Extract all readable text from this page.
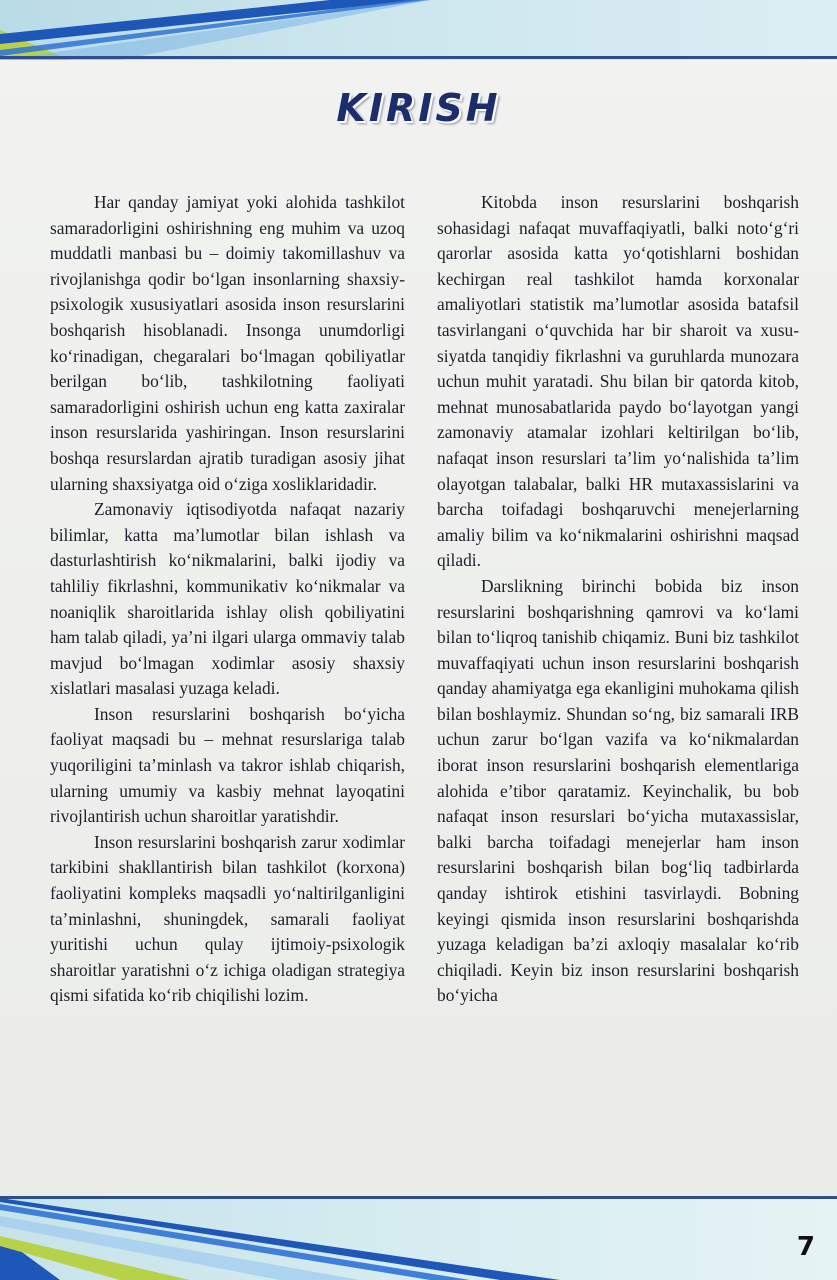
KIRISH

Har qanday jamiyat yoki alohida tashkilot samaradorligini oshirishning eng muhim va uzoq muddatli manbasi bu – doimiy takomillashuv va rivojlanishga qodir bo‘lgan insonlarning shaxsiy-psixologik xususiyatlari asosida inson resurslarini boshqarish hisoblanadi. Insonga unumdorligi ko‘rinadigan, chegaralari bo‘lmagan qobiliyatlar berilgan bo‘lib, tashkilotning faoliyati samaradorligini oshirish uchun eng katta zaxiralar inson resurslarida yashiringan. Inson resurslarini boshqa resurslardan ajratib turadigan asosiy jihat ularning shaxsiyatga oid o‘ziga xosliklaridadir.

Zamonaviy iqtisodiyotda nafaqat nazariy bilimlar, katta ma’lumotlar bilan ishlash va dasturlashtirish ko‘nikmalarini, balki ijodiy va tahliliy fikrlashni, kommunikativ ko‘nikmalar va noaniqlik sharoitlarida ishlay olish qobiliyatini ham talab qiladi, ya’ni ilgari ularga ommaviy talab mavjud bo‘lmagan xodimlar asosiy shaxsiy xislatlari masalasi yuzaga keladi.

Inson resurslarini boshqarish bo‘yicha faoliyat maqsadi bu – mehnat resurslariga talab yuqoriligini ta’minlash va takror ishlab chiqarish, ularning umumiy va kasbiy mehnat layoqatini rivojlantirish uchun sharoitlar yaratishdir.

Inson resurslarini boshqarish zarur xodimlar tarkibini shakllantirish bilan tashkilot (korxona) faoliyatini kompleks maqsadli yo‘naltirilganligini ta’minlashni, shuningdek, samarali faoliyat yuritishi uchun qulay ijtimoiy-psixologik sharoitlar yaratishni o‘z ichiga oladigan strategiya qismi sifatida ko‘rib chiqilishi lozim.

Kitobda inson resurslarini boshqarish sohasidagi nafaqat muvaffaqiyatli, balki noto‘g‘ri qarorlar asosida katta yo‘qotishlarni boshidan kechirgan real tashkilot hamda korxonalar amaliyotlari statistik ma’lumotlar asosida batafsil tasvirlangani o‘quvchida har bir sharoit va xususiyatda tanqidiy fikrlashni va guruhlarda munozara uchun muhit yaratadi. Shu bilan bir qatorda kitob, mehnat munosabatlarida paydo bo‘layotgan yangi zamonaviy atamalar izohlari keltirilgan bo‘lib, nafaqat inson resurslari ta’lim yo‘nalishida ta’lim olayotgan talabalar, balki HR mutaxassislarini va barcha toifadagi boshqaruvchi menejerlarning amaliy bilim va ko‘nikmalarini oshirishni maqsad qiladi.

Darslikning birinchi bobida biz inson resurslarini boshqarishning qamrovi va ko‘lami bilan to‘liqroq tanishib chiqamiz. Buni biz tashkilot muvaffaqiyati uchun inson resurslarini boshqarish qanday ahamiyatga ega ekanligini muhokama qilish bilan boshlaymiz. Shundan so‘ng, biz samarali IRB uchun zarur bo‘lgan vazifa va ko‘nikmalardan iborat inson resurslarini boshqarish elementlariga alohida e’tibor qaratamiz. Keyinchalik, bu bob nafaqat inson resurslari bo‘yicha mutaxassislar, balki barcha toifadagi menejerlar ham inson resurslarini boshqarish bilan bog‘liq tadbirlarda qanday ishtirok etishini tasvirlaydi. Bobning keyingi qismida inson resurslarini boshqarishda yuzaga keladigan ba’zi axloqiy masalalar ko‘rib chiqiladi. Keyin biz inson resurslarini boshqarish bo‘yicha

7
